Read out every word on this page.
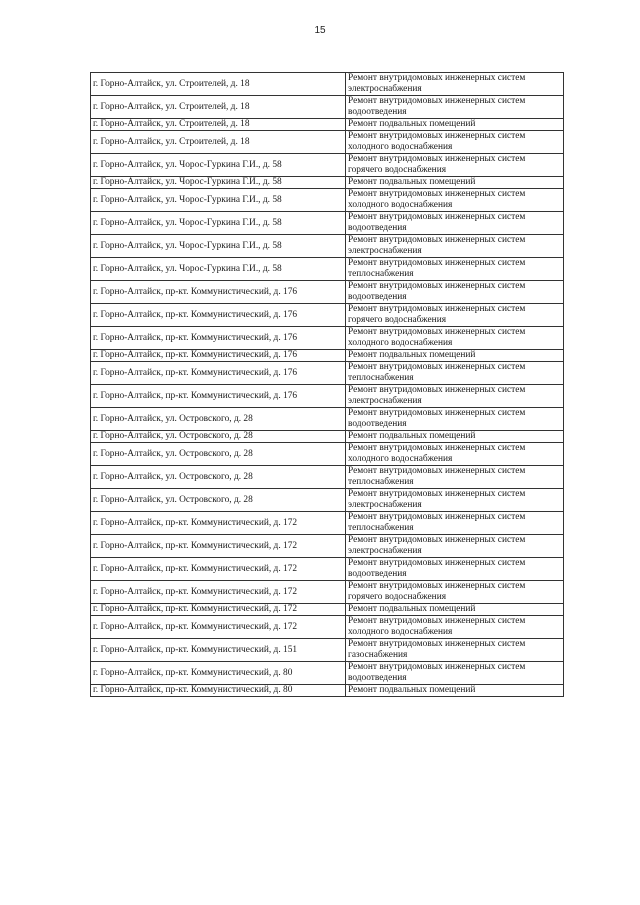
15
г. Горно-Алтайск, ул. Строителей, д. 18	Ремонт внутридомовых инженерных систем электроснабжения
г. Горно-Алтайск, ул. Строителей, д. 18	Ремонт внутридомовых инженерных систем водоотведения
г. Горно-Алтайск, ул. Строителей, д. 18	Ремонт подвальных помещений
г. Горно-Алтайск, ул. Строителей, д. 18	Ремонт внутридомовых инженерных систем холодного водоснабжения
г. Горно-Алтайск, ул. Чорос-Гуркина Г.И., д. 58	Ремонт внутридомовых инженерных систем горячего водоснабжения
г. Горно-Алтайск, ул. Чорос-Гуркина Г.И., д. 58	Ремонт подвальных помещений
г. Горно-Алтайск, ул. Чорос-Гуркина Г.И., д. 58	Ремонт внутридомовых инженерных систем холодного водоснабжения
г. Горно-Алтайск, ул. Чорос-Гуркина Г.И., д. 58	Ремонт внутридомовых инженерных систем водоотведения
г. Горно-Алтайск, ул. Чорос-Гуркина Г.И., д. 58	Ремонт внутридомовых инженерных систем электроснабжения
г. Горно-Алтайск, ул. Чорос-Гуркина Г.И., д. 58	Ремонт внутридомовых инженерных систем теплоснабжения
г. Горно-Алтайск, пр-кт. Коммунистический, д. 176	Ремонт внутридомовых инженерных систем водоотведения
г. Горно-Алтайск, пр-кт. Коммунистический, д. 176	Ремонт внутридомовых инженерных систем горячего водоснабжения
г. Горно-Алтайск, пр-кт. Коммунистический, д. 176	Ремонт внутридомовых инженерных систем холодного водоснабжения
г. Горно-Алтайск, пр-кт. Коммунистический, д. 176	Ремонт подвальных помещений
г. Горно-Алтайск, пр-кт. Коммунистический, д. 176	Ремонт внутридомовых инженерных систем теплоснабжения
г. Горно-Алтайск, пр-кт. Коммунистический, д. 176	Ремонт внутридомовых инженерных систем электроснабжения
г. Горно-Алтайск, ул. Островского, д. 28	Ремонт внутридомовых инженерных систем водоотведения
г. Горно-Алтайск, ул. Островского, д. 28	Ремонт подвальных помещений
г. Горно-Алтайск, ул. Островского, д. 28	Ремонт внутридомовых инженерных систем холодного водоснабжения
г. Горно-Алтайск, ул. Островского, д. 28	Ремонт внутридомовых инженерных систем теплоснабжения
г. Горно-Алтайск, ул. Островского, д. 28	Ремонт внутридомовых инженерных систем электроснабжения
г. Горно-Алтайск, пр-кт. Коммунистический, д. 172	Ремонт внутридомовых инженерных систем теплоснабжения
г. Горно-Алтайск, пр-кт. Коммунистический, д. 172	Ремонт внутридомовых инженерных систем электроснабжения
г. Горно-Алтайск, пр-кт. Коммунистический, д. 172	Ремонт внутридомовых инженерных систем водоотведения
г. Горно-Алтайск, пр-кт. Коммунистический, д. 172	Ремонт внутридомовых инженерных систем горячего водоснабжения
г. Горно-Алтайск, пр-кт. Коммунистический, д. 172	Ремонт подвальных помещений
г. Горно-Алтайск, пр-кт. Коммунистический, д. 172	Ремонт внутридомовых инженерных систем холодного водоснабжения
г. Горно-Алтайск, пр-кт. Коммунистический, д. 151	Ремонт внутридомовых инженерных систем газоснабжения
г. Горно-Алтайск, пр-кт. Коммунистический, д. 80	Ремонт внутридомовых инженерных систем водоотведения
г. Горно-Алтайск, пр-кт. Коммунистический, д. 80	Ремонт подвальных помещений
